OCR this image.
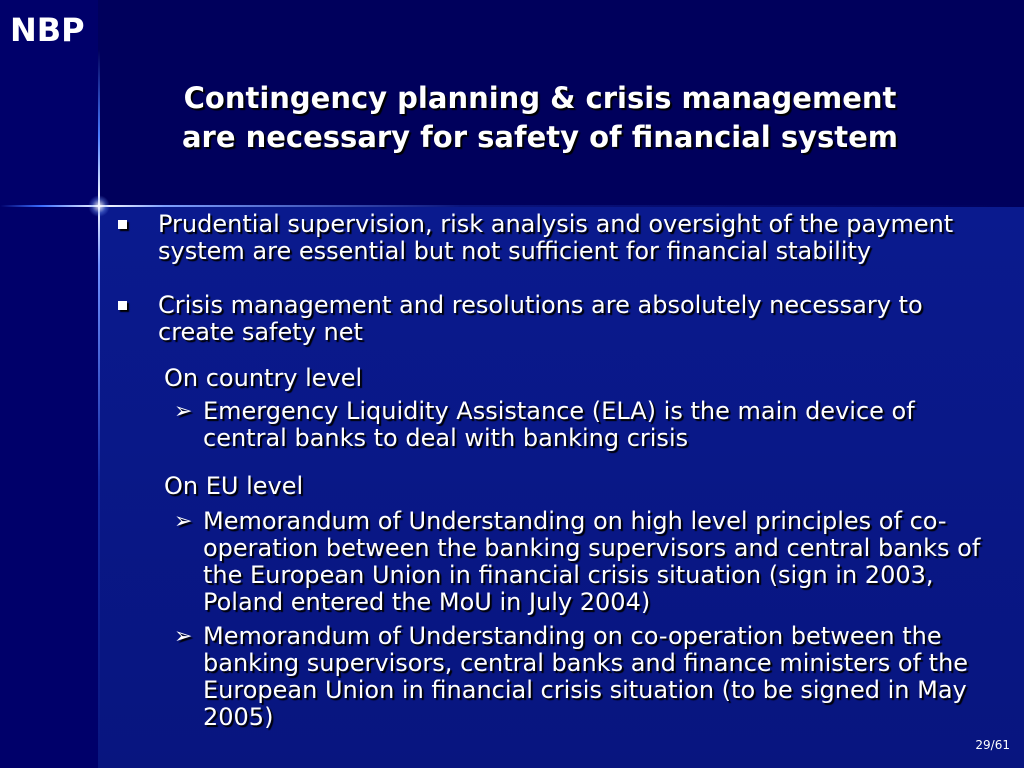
NBP
Contingency planning & crisis management
are necessary for safety of financial system
Prudential supervision, risk analysis and oversight of the payment system are essential but not sufficient for financial stability
Crisis management and resolutions are absolutely necessary to create safety net
On country level
➢ Emergency Liquidity Assistance (ELA) is the main device of central banks to deal with banking crisis
On EU level
➢ Memorandum of Understanding on high level principles of co-operation between the banking supervisors and central banks of the European Union in financial crisis situation (sign in 2003, Poland entered the MoU in July 2004)
➢ Memorandum of Understanding on co-operation between the banking supervisors, central banks and finance ministers of the European Union in financial crisis situation (to be signed in May 2005)
29/61
